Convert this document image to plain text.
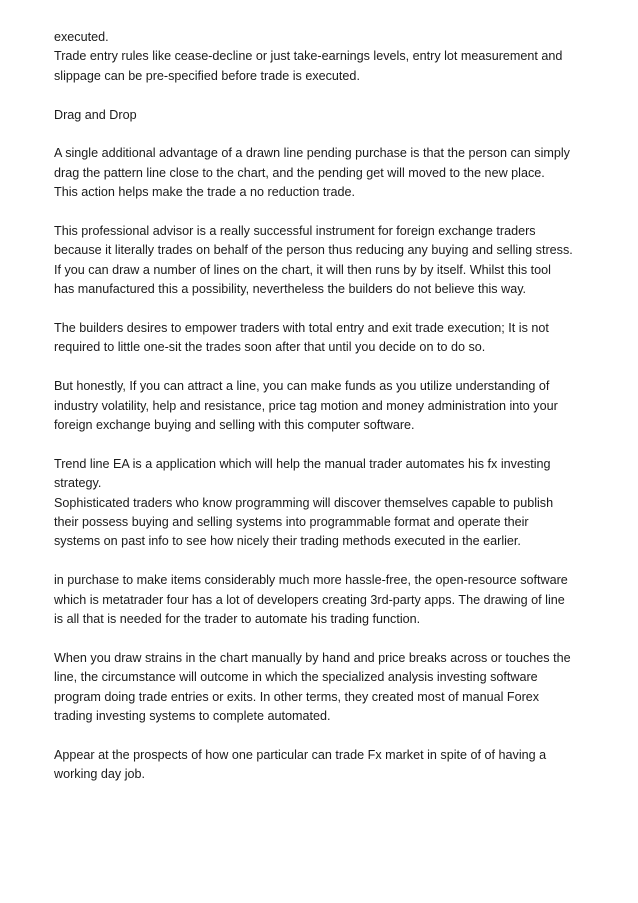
executed.
Trade entry rules like cease-decline or just take-earnings levels, entry lot measurement and
slippage can be pre-specified before trade is executed.
Drag and Drop
A single additional advantage of a drawn line pending purchase is that the person can simply
drag the pattern line close to the chart, and the pending get will moved to the new place.
This action helps make the trade a no reduction trade.
This professional advisor is a really successful instrument for foreign exchange traders
because it literally trades on behalf of the person thus reducing any buying and selling stress.
If you can draw a number of lines on the chart, it will then runs by by itself. Whilst this tool
has manufactured this a possibility, nevertheless the builders do not believe this way.
The builders desires to empower traders with total entry and exit trade execution; It is not
required to little one-sit the trades soon after that until you decide on to do so.
But honestly, If you can attract a line, you can make funds as you utilize understanding of
industry volatility, help and resistance, price tag motion and money administration into your
foreign exchange buying and selling with this computer software.
Trend line EA is a application which will help the manual trader automates his fx investing
strategy.
Sophisticated traders who know programming will discover themselves capable to publish
their possess buying and selling systems into programmable format and operate their
systems on past info to see how nicely their trading methods executed in the earlier.
in purchase to make items considerably much more hassle-free, the open-resource software
which is metatrader four has a lot of developers creating 3rd-party apps. The drawing of line
is all that is needed for the trader to automate his trading function.
When you draw strains in the chart manually by hand and price breaks across or touches the
line, the circumstance will outcome in which the specialized analysis investing software
program doing trade entries or exits. In other terms, they created most of manual Forex
trading investing systems to complete automated.
Appear at the prospects of how one particular can trade Fx market in spite of of having a
working day job.
